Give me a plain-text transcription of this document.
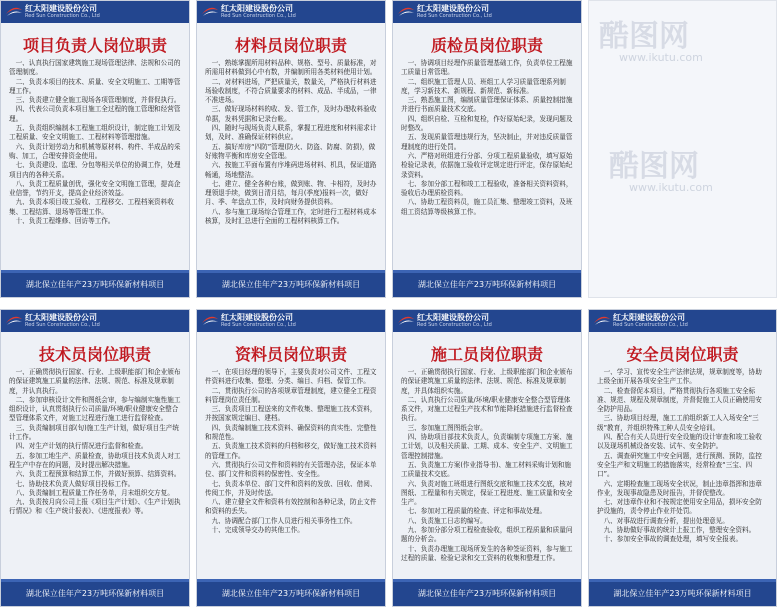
红太阳建设股份公司
Red Sun Construction Co., Ltd
项目负责人岗位职责

一、认真执行国家建筑施工现场管理法律、法规和公司的管理制度。

二、负责本项目的技术、质量、安全文明施工、工期等管理工作。

三、负责建立健全施工现场各项管理制度，并督促执行。

四、代表公司负责本项目施工全过程的施工管理和经营管理。

五、负责组织编制本工程施工组织设计，制定施工计划及工程质量、安全文明施工、工程材料等管理措施。

六、负责计划劳动力和机械等原材料、构件、半成品的采购、加工，合理安排资金使用。

七、负责建设、监理、分包等相关单位的协调工作，处理项目内的各种关系。

八、负责工程质量创优，强化安全文明施工管理，提高企业信誉，节约开支，提高企业经济效益。

九、负责本项目竣工验收、工程移交、工程档案资料收集、工程结算、退场等管理工作。

十、负责工程维修、回访等工作。

湖北保立佳年产23万吨环保新材料项目
红太阳建设股份公司
Red Sun Construction Co., Ltd
材料员岗位职责

一、熟练掌握所用材料品种、规格、型号、质量标准，对所需用材料做到心中有数，并编制所用各类材料使用计划。

二、对材料进场，严把质量关，数量关，严格执行材料进场验收制度，不符合质量要求的材料、成品、半成品，一律不准进场。

三、做好现场材料的收、发、管工作，及时办理收料验收单据，发料凭据和记录台帐。

四、随时与现场负责人联系，掌握工程进度和材料需求计划，及时、准确保证材料供应。

五、搞好库房“四防”管理(防火、防盗、防腐、防损)，做好账物平衡和库房安全管理。

六、按施工平面布置有序堆码进场材料、机具，保证道路畅通，场地整洁。

七、建立、健全各种台账，做到账、物、卡相符，及时办理领退手续，做到日清月结，每月(季度)报料一次，做好月、季、年盘点工作，及时向财务提供资料。

八、参与施工现场综合管理工作，定时进行工程材料成本核算，及时汇总进行全面的工程材料核算工作。

湖北保立佳年产23万吨环保新材料项目
红太阳建设股份公司
Red Sun Construction Co., Ltd
质检员岗位职责

一、协调项目经理作质量管理基础工作，负责单位工程施工质量日常管理。

二、组织施工管理人员、班组工人学习质量管理系列制度，学习新技术、新规程、新规范、新标准。

三、熟悉施工图，编制质量管理保证体系、质量控制措施并进行书面质量技术交底。

四、组织自检、互检和复检，作好原始纪录，发现问题及时整改。

五、发现质量管理违规行为，坚决制止，并对违反质量管理制度的进行处罚。

六、严格对班组进行分部、分项工程质量验收，填写原始检验记录表，依据施工验收评定规定进行评定，保存原始纪录资料。

七、参加分部工程和竣工工程验收，准备相关资料资料，验收后办理质检资料。

八、协助工程资料员，施工员汇集、整理竣工资料，及班组工资结算等级核算工作。

湖北保立佳年产23万吨环保新材料项目
酷图网
www.ikutu.com
酷图网
www.ikutu.com
红太阳建设股份公司
Red Sun Construction Co., Ltd
技术员岗位职责

一、正确贯彻执行国家、行业、上级职能部门和企业颁布的保证建筑施工质量的法律、法规、规范、标准及规章制度，并认真执行。

二、参加审核设计文件和图纸会审，参与编制实施性施工组织设计，认真贯彻执行公司质量/环境/职业健康安全整合型管理体系文件，对施工过程进行施工进行监督检查。

三、负责编制项目部(旬)施工生产计划，做好项目生产统计工作。

四、对生产计划的执行情况进行监督和检查。

五、参加工地生产、质量检查，协助项目技术负责人对工程生产中存在的问题，及时提出解决措施。

六、负责工程预算和结算工作，并做好预算、结算资料。

七、协助技术负责人做好项目投标工作。

八、负责编制工程质量工作任务单，月末组织交方复。

九、负责按月向公司上报《项目生产计划》、《生产计划执行情况》和《生产统计报表》、《进度报表》等。

湖北保立佳年产23万吨环保新材料项目
红太阳建设股份公司
Red Sun Construction Co., Ltd
资料员岗位职责

一、在项目经理的领导下，主要负责对公司文件、工程文件资料进行收集、整理、分类、编目、归档、保管工作。

二、贯彻执行公司的各项规章管理制度，建立健全工程资料管理岗位责任制。

三、负责项目工程送来的文件收集、整理施工技术资料，并按国家规定编目、建档。

四、负责编制施工技术资料、确保资料的真实性、完整性和规范性。

五、负责施工技术资料的归档和移交，做好施工技术资料的管理工作。

六、贯彻执行公司文件和资料的有关管理办法，保证本单位、部门文件和资料的保密性、安全性。

七、负责本单位、部门文件和资料的发放、回收、借阅、传阅工作，并及时传送。

八、建立健全文件和资料有效控制和各种记录，防止文件和资料的丢失。

九、协调配合部门工作人员进行相关事务性工作。

十、完成领导交办的其他工作。

湖北保立佳年产23万吨环保新材料项目
红太阳建设股份公司
Red Sun Construction Co., Ltd
施工员岗位职责

一、正确贯彻执行国家、行业、上级职能部门和企业颁布的保证建筑施工质量的法律、法规、规范、标准及规章制度，并具体组织实施。

二、认真执行公司质量/环境/职业健康安全整合型管理体系文件，对施工过程生产技术和节能降耗措施进行监督检查执行。

三、参加施工图图纸会审。

四、协助项目部技术负责人，负责编制专项施工方案、施工计划，以及相关质量、工期、成本、安全生产、文明施工管理控制措施。

五、负责施工方案(作业指导书)、施工材料采购计划和施工质量技术交底。

六、负责对施工班组进行图纸交底和施工技术交底，核对图纸、工程量和有关规定，保证工程进度、施工质量和安全生产。

七、参加对工程质量的检查、评定和事故处理。

八、负责施工日志的编写。

九、参加分部分项工程检查验收，组织工程质量和质量问题的分析会。

十、负责办理施工现场所发生的各种签证资料，参与施工过程的质量、检验记录和交工资料的收集和整理工作。

湖北保立佳年产23万吨环保新材料项目
红太阳建设股份公司
Red Sun Construction Co., Ltd
安全员岗位职责

一、学习、宣传安全生产法律法规，规章制度等，协助上级全面开展各项安全生产工作。

二、检查督促本项目，严格贯彻执行各项施工安全标准、规范、规程及规章制度，并督促施工人员正确使用安全防护用品。

三、协助项目经理，施工工前组织新工人入场安全“三级”教育，并组织特殊工种人员安全培训。

四、配合有关人员进行安全设施的设计审查和竣工验收以及现场机械设备安装、试车、安全防护。

五、调查研究施工中安全问题，进行预测、预防，监控安全生产和文明施工的措施落实，经常检查“三宝、四口”。

六、定期检查施工现场安全状况，制止违章指挥和违章作业，发现事故隐患及时报告，并督促整改。

七、对违章作业和不按规定使用安全用品，损坏安全防护设施的，责令停止作业并处罚。

八、对事故进行调查分析，提出处理意见。

九、协助做好事故的统计上报工作，整理安全资料。

十、参加安全事故的调查处理，填写安全报表。

湖北保立佳年产23万吨环保新材料项目
